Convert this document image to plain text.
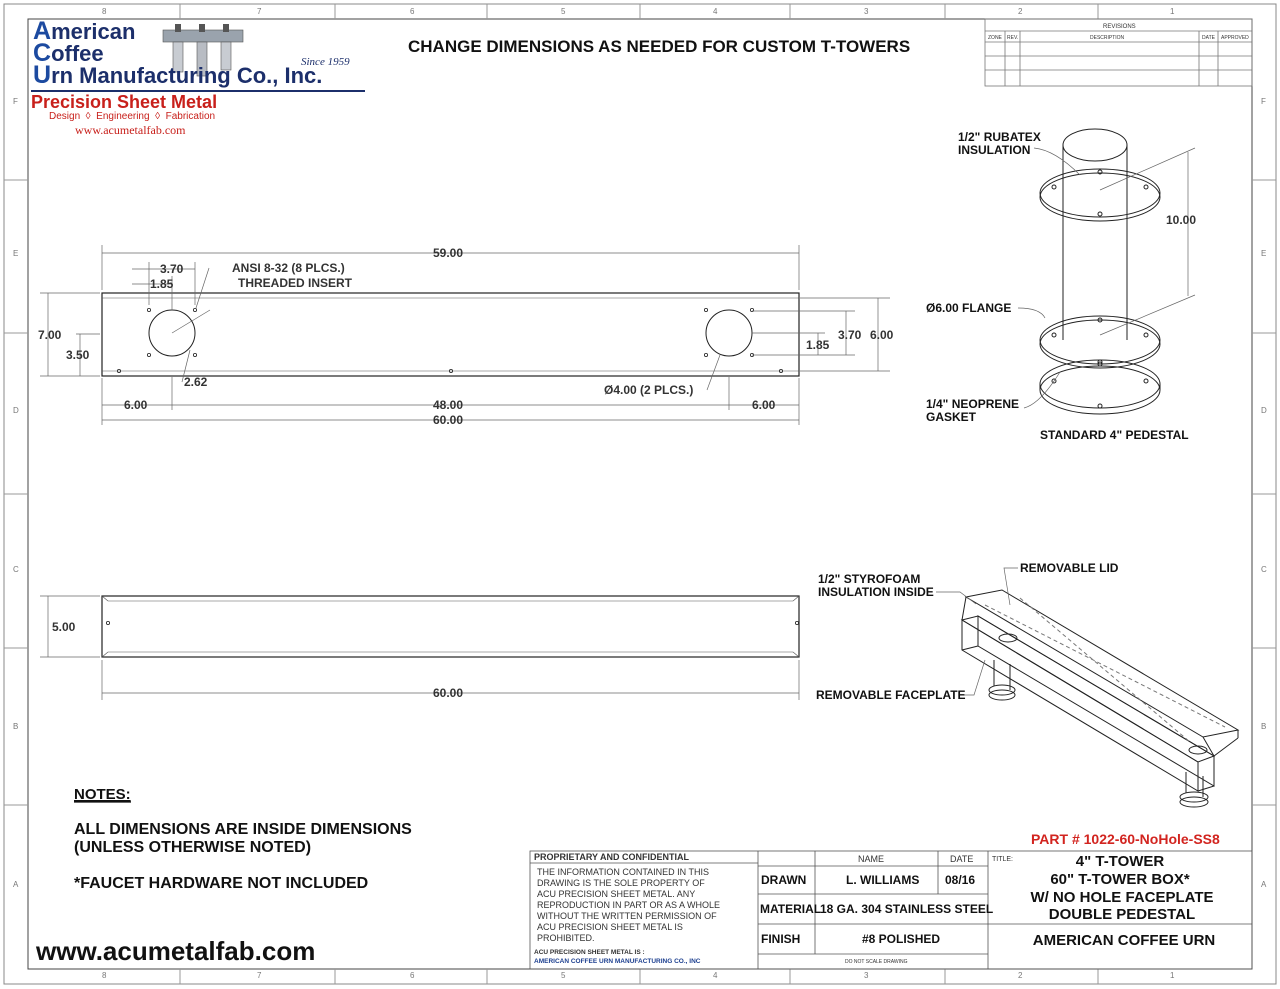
8	7	6	5	4	3	2	1
8	7	6	5	4	3	2	1
F
E
D
C
B
A
F
E
D
C
B
A
CHANGE DIMENSIONS AS NEEDED FOR CUSTOM T-TOWERS
REVISIONS
ZONE REV.	DESCRIPTION	DATE APPROVED
59.00
3.70
1.85
ANSI 8-32 (8 PLCS.)
THREADED INSERT
7.00
3.50
3.70 6.00
1.85
2.62
Ø4.00 (2 PLCS.)
6.00	48.00	6.00
60.00
5.00
60.00
1/2" RUBATEX
INSULATION
10.00
Ø6.00 FLANGE
1/4" NEOPRENE
GASKET
STANDARD 4" PEDESTAL
1/2" STYROFOAM
INSULATION INSIDE
REMOVABLE LID
REMOVABLE FACEPLATE
NOTES:
ALL DIMENSIONS ARE INSIDE DIMENSIONS
(UNLESS OTHERWISE NOTED)
*FAUCET HARDWARE NOT INCLUDED
www.acumetalfab.com
PART # 1022-60-NoHole-SS8
PROPRIETARY AND CONFIDENTIAL
THE INFORMATION CONTAINED IN THIS
DRAWING IS THE SOLE PROPERTY OF
ACU PRECISION SHEET METAL. ANY
REPRODUCTION IN PART OR AS A WHOLE
WITHOUT THE WRITTEN PERMISSION OF
ACU PRECISION SHEET METAL IS
PROHIBITED.
ACU PRECISION SHEET METAL IS :
AMERICAN COFFEE URN MANUFACTURING CO., INC
NAME	DATE
DRAWN	L. WILLIAMS 08/16
MATERIAL
18 GA. 304 STAINLESS STEEL
FINISH	#8 POLISHED
DO NOT SCALE DRAWING
TITLE:	4" T-TOWER
60" T-TOWER BOX*
W/ NO HOLE FACEPLATE
DOUBLE PEDESTAL
AMERICAN COFFEE URN
American
Coffee	Since 1959
Urn Manufacturing Co., Inc.
Precision Sheet Metal
Design  ◊  Engineering  ◊  Fabrication
www.acumetalfab.com
